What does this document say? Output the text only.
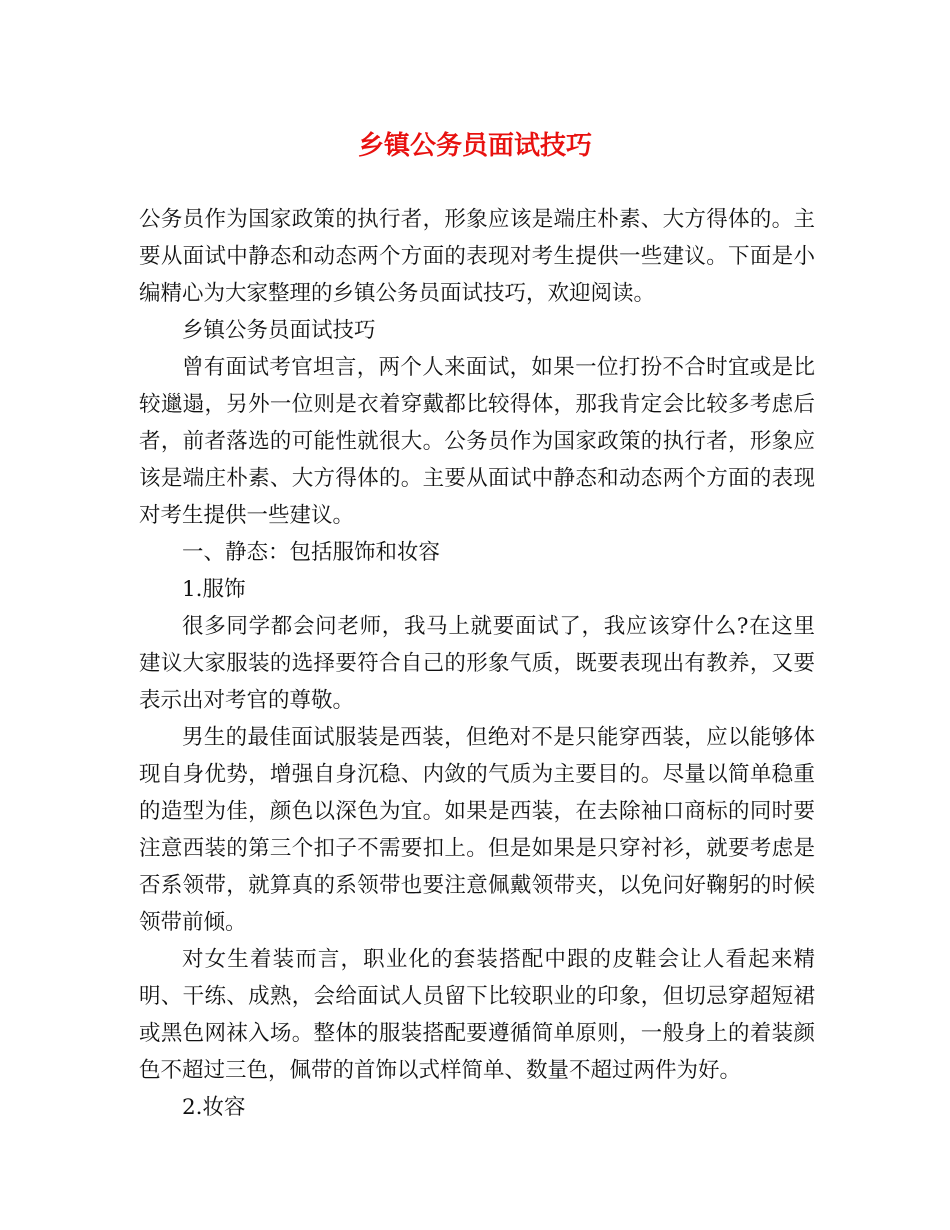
乡镇公务员面试技巧

公务员作为国家政策的执行者，形象应该是端庄朴素、大方得体的。主要从面试中静态和动态两个方面的表现对考生提供一些建议。下面是小编精心为大家整理的乡镇公务员面试技巧，欢迎阅读。

乡镇公务员面试技巧

曾有面试考官坦言，两个人来面试，如果一位打扮不合时宜或是比较邋遢，另外一位则是衣着穿戴都比较得体，那我肯定会比较多考虑后者，前者落选的可能性就很大。公务员作为国家政策的执行者，形象应该是端庄朴素、大方得体的。主要从面试中静态和动态两个方面的表现对考生提供一些建议。

一、静态：包括服饰和妆容

1.服饰

很多同学都会问老师，我马上就要面试了，我应该穿什么?在这里建议大家服装的选择要符合自己的形象气质，既要表现出有教养，又要表示出对考官的尊敬。

男生的最佳面试服装是西装，但绝对不是只能穿西装，应以能够体现自身优势，增强自身沉稳、内敛的气质为主要目的。尽量以简单稳重的造型为佳，颜色以深色为宜。如果是西装，在去除袖口商标的同时要注意西装的第三个扣子不需要扣上。但是如果是只穿衬衫，就要考虑是否系领带，就算真的系领带也要注意佩戴领带夹，以免问好鞠躬的时候领带前倾。

对女生着装而言，职业化的套装搭配中跟的皮鞋会让人看起来精明、干练、成熟，会给面试人员留下比较职业的印象，但切忌穿超短裙或黑色网袜入场。整体的服装搭配要遵循简单原则，一般身上的着装颜色不超过三色，佩带的首饰以式样简单、数量不超过两件为好。

2.妆容
